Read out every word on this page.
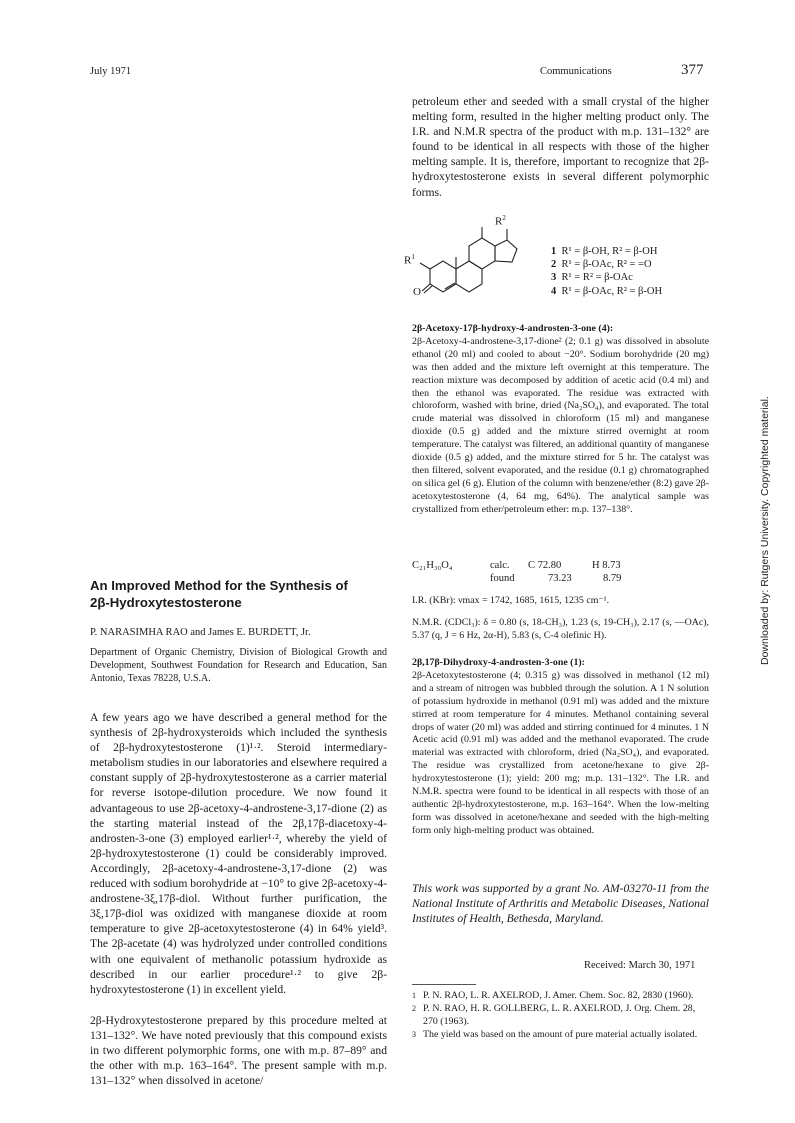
July 1971	Communications	377
Downloaded by: Rutgers University. Copyrighted material.
petroleum ether and seeded with a small crystal of the higher melting form, resulted in the higher melting product only. The I.R. and N.M.R spectra of the product with m.p. 131–132° are found to be identical in all respects with those of the higher melting sample. It is, therefore, important to recognize that 2β-hydroxytestosterone exists in several different polymorphic forms.
$R^2$
$R^1$
O
1 R¹ = β-OH, R² = β-OH
2 R¹ = β-OAc, R² = =O
3 R¹ = R² = β-OAc
4 R¹ = β-OAc, R² = β-OH

2β-Acetoxy-17β-hydroxy-4-androsten-3-one (4):

2β-Acetoxy-4-androstene-3,17-dione² (2; 0.1 g) was dissolved in absolute ethanol (20 ml) and cooled to about −20°. Sodium borohydride (20 mg) was then added and the mixture left overnight at this temperature. The reaction mixture was decomposed by addition of acetic acid (0.4 ml) and then the ethanol was evaporated. The residue was extracted with chloroform, washed with brine, dried (Na₂SO₄), and evaporated. The total crude material was dissolved in chloroform (15 ml) and manganese dioxide (0.5 g) added and the mixture stirred overnight at room temperature. The catalyst was filtered, an additional quantity of manganese dioxide (0.5 g) added, and the mixture stirred for 5 hr. The catalyst was then filtered, solvent evaporated, and the residue (0.1 g) chromatographed on silica gel (6 g). Elution of the column with benzene/ether (8:2) gave 2β-acetoxytestosterone (4, 64 mg, 64%). The analytical sample was crystallized from ether/petroleum ether: m.p. 137–138°.

C₂₁H₃₀O₄	calc.	C 72.80	H 8.73
found	73.23	8.79
I.R. (KBr): νmax = 1742, 1685, 1615, 1235 cm⁻¹.
N.M.R. (CDCl₃): δ = 0.80 (s, 18-CH₃), 1.23 (s, 19-CH₃), 2.17 (s, —OAc), 5.37 (q, J = 6 Hz, 2α-H), 5.83 (s, C-4 olefinic H).

2β,17β-Dihydroxy-4-androsten-3-one (1):

2β-Acetoxytestosterone (4; 0.315 g) was dissolved in methanol (12 ml) and a stream of nitrogen was bubbled through the solution. A 1 N solution of potassium hydroxide in methanol (0.91 ml) was added and the mixture stirred at room temperature for 4 minutes. Methanol containing several drops of water (20 ml) was added and stirring continued for 4 minutes. 1 N Acetic acid (0.91 ml) was added and the methanol evaporated. The crude material was extracted with chloroform, dried (Na₂SO₄), and evaporated. The residue was crystallized from acetone/hexane to give 2β-hydroxytestosterone (1); yield: 200 mg; m.p. 131–132°. The I.R. and N.M.R. spectra were found to be identical in all respects with those of an authentic 2β-hydroxytestosterone, m.p. 163–164°. When the low-melting form was dissolved in acetone/hexane and seeded with the high-melting form only high-melting product was obtained.

This work was supported by a grant No. AM-03270-11 from the National Institute of Arthritis and Metabolic Diseases, National Institutes of Health, Bethesda, Maryland.
Received: March 30, 1971
1 P. N. RAO, L. R. AXELROD, J. Amer. Chem. Soc. 82, 2830 (1960).
2 P. N. RAO, H. R. GOLLBERG, L. R. AXELROD, J. Org. Chem. 28, 270 (1963).
3 The yield was based on the amount of pure material actually isolated.
An Improved Method for the Synthesis of
2β-Hydroxytestosterone
P. NARASIMHA RAO and James E. BURDETT, Jr.
Department of Organic Chemistry, Division of Biological Growth and Development, Southwest Foundation for Research and Education, San Antonio, Texas 78228, U.S.A.
A few years ago we have described a general method for the synthesis of 2β-hydroxysteroids which included the synthesis of 2β-hydroxytestosterone (1)¹·². Steroid intermediary-metabolism studies in our laboratories and elsewhere required a constant supply of 2β-hydroxytestosterone as a carrier material for reverse isotope-dilution procedure. We now found it advantageous to use 2β-acetoxy-4-androstene-3,17-dione (2) as the starting material instead of the 2β,17β-diacetoxy-4-androsten-3-one (3) employed earlier¹·², whereby the yield of 2β-hydroxytestosterone (1) could be considerably improved. Accordingly, 2β-acetoxy-4-androstene-3,17-dione (2) was reduced with sodium borohydride at −10° to give 2β-acetoxy-4-androstene-3ξ,17β-diol. Without further purification, the 3ξ,17β-diol was oxidized with manganese dioxide at room temperature to give 2β-acetoxytestosterone (4) in 64% yield³. The 2β-acetate (4) was hydrolyzed under controlled conditions with one equivalent of methanolic potassium hydroxide as described in our earlier procedure¹·² to give 2β-hydroxytestosterone (1) in excellent yield.
2β-Hydroxytestosterone prepared by this procedure melted at 131–132°. We have noted previously that this compound exists in two different polymorphic forms, one with m.p. 87–89° and the other with m.p. 163–164°. The present sample with m.p. 131–132° when dissolved in acetone/
